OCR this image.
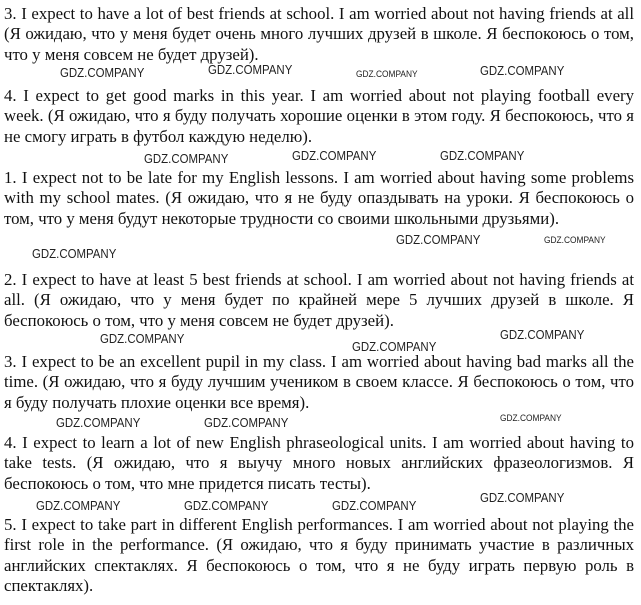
3. I expect to have a lot of best friends at school. I am worried about not having friends at all (Я ожидаю, что у меня будет очень много лучших друзей в школе. Я беспокоюсь о том, что у меня совсем не будет друзей).

4. I expect to get good marks in this year. I am worried about not playing football every week. (Я ожидаю, что я буду получать хорошие оценки в этом году. Я беспокоюсь, что я не смогу играть в футбол каждую неделю).

1. I expect not to be late for my English lessons. I am worried about having some problems with my school mates. (Я ожидаю, что я не буду опаздывать на уроки. Я беспокоюсь о том, что у меня будут некоторые трудности со своими школьными друзьями).

2. I expect to have at least 5 best friends at school. I am worried about not having friends at all. (Я ожидаю, что у меня будет по крайней мере 5 лучших друзей в школе. Я беспокоюсь о том, что у меня совсем не будет друзей).

3. I expect to be an excellent pupil in my class. I am worried about having bad marks all the time. (Я ожидаю, что я буду лучшим учеником в своем классе. Я беспокоюсь о том, что я буду получать плохие оценки все время).

4. I expect to learn a lot of new English phraseological units. I am worried about having to take tests. (Я ожидаю, что я выучу много новых английских фразеологизмов. Я беспокоюсь о том, что мне придется писать тесты).

5. I expect to take part in different English performances. I am worried about not playing the first role in the performance. (Я ожидаю, что я буду принимать участие в различных английских спектаклях. Я беспокоюсь о том, что я не буду играть первую роль в спектаклях).

GDZ.COMPANY	GDZ.COMPANY	GDZ.COMPANY	GDZ.COMPANY
GDZ.COMPANY	GDZ.COMPANY	GDZ.COMPANY
GDZ.COMPANY
GDZ.COMPANY	GDZ.COMPANY
GDZ.COMPANY
GDZ.COMPANY
GDZ.COMPANY
GDZ.COMPANY	GDZ.COMPANY	GDZ.COMPANY
GDZ.COMPANY	GDZ.COMPANY	GDZ.COMPANY
GDZ.COMPANY
